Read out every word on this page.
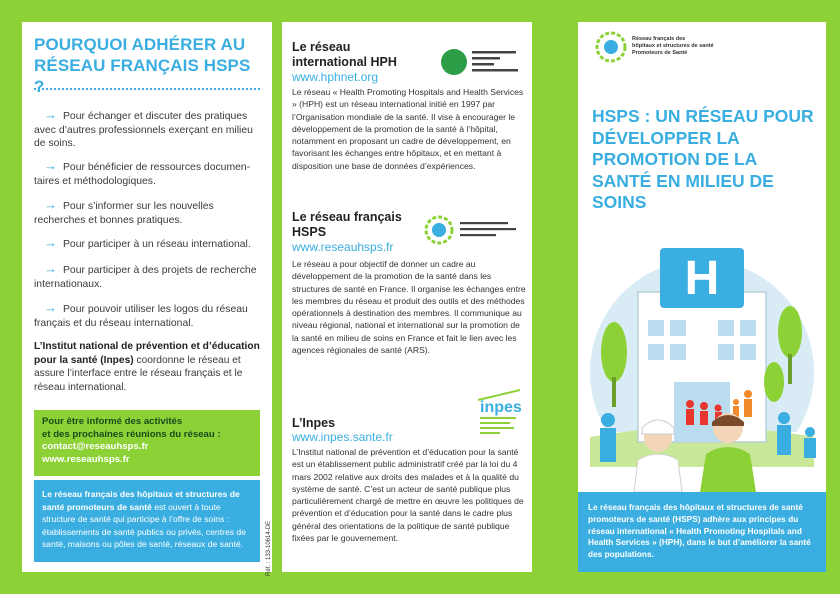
POURQUOI ADHÉRER AU RÉSEAU FRANÇAIS HSPS ?
→ Pour échanger et discuter des pratiques avec d’autres professionnels exerçant en milieu de soins.
→ Pour bénéficier de ressources documen- taires et méthodologiques.
→ Pour s’informer sur les nouvelles recherches et bonnes pratiques.
→ Pour participer à un réseau international.
→ Pour participer à des projets de recherche internationaux.
→ Pour pouvoir utiliser les logos du réseau français et du réseau international.
L’Institut national de prévention et d’éducation pour la santé (Inpes) coordonne le réseau et assure l’interface entre le réseau français et le réseau international.
Pour être informé des activités
et des prochaines réunions du réseau :
contact@reseauhsps.fr
www.reseauhsps.fr
Le réseau français des hôpitaux et structures de santé promoteurs de santé est ouvert à toute structure de santé qui participe à l’offre de soins : établissements de santé publics ou privés, centres de santé, maisons ou pôles de santé, réseaux de santé.
Le réseau
international HPH
www.hphnet.org
Le réseau « Health Promoting Hospitals and Health Services » (HPH) est un réseau international initié en 1997 par l’Organisation mondiale de la santé. Il vise à encourager le développement de la promotion de la santé à l’hôpital, notamment en proposant un cadre de développement, en favorisant les échanges entre hôpitaux, et en mettant à disposition une base de données d’expériences.
Le réseau français
HSPS
www.reseauhsps.fr
Le réseau a pour objectif de donner un cadre au développement de la promotion de la santé dans les structures de santé en France. Il organise les échanges entre les membres du réseau et produit des outils et des méthodes opérationnels à destination des membres. Il communique au niveau régional, national et international sur la promotion de la santé en milieu de soins en France et fait le lien avec les agences régionales de santé (ARS).
L’Inpes
www.inpes.sante.fr
inpes
L’Institut national de prévention et d’éducation pour la santé est un établissement public administratif créé par la loi du 4 mars 2002 relative aux droits des malades et à la qualité du système de santé. C’est un acteur de santé publique plus particulièrement chargé de mettre en œuvre les politiques de prévention et d’éducation pour la santé dans le cadre plus général des orientations de la politique de santé publique fixées par le gouvernement.
Réf. : 133-10614-DE
Réseau français des
hôpitaux et structures de santé
Promoteurs de Santé
HSPS : UN RÉSEAU POUR DÉVELOPPER LA PROMOTION DE LA SANTÉ EN MILIEU DE SOINS
H
Le réseau français des hôpitaux et structures de santé promoteurs de santé (HSPS) adhère aux principes du réseau international « Health Promoting Hospitals and Health Services » (HPH), dans le but d’améliorer la santé des populations.
